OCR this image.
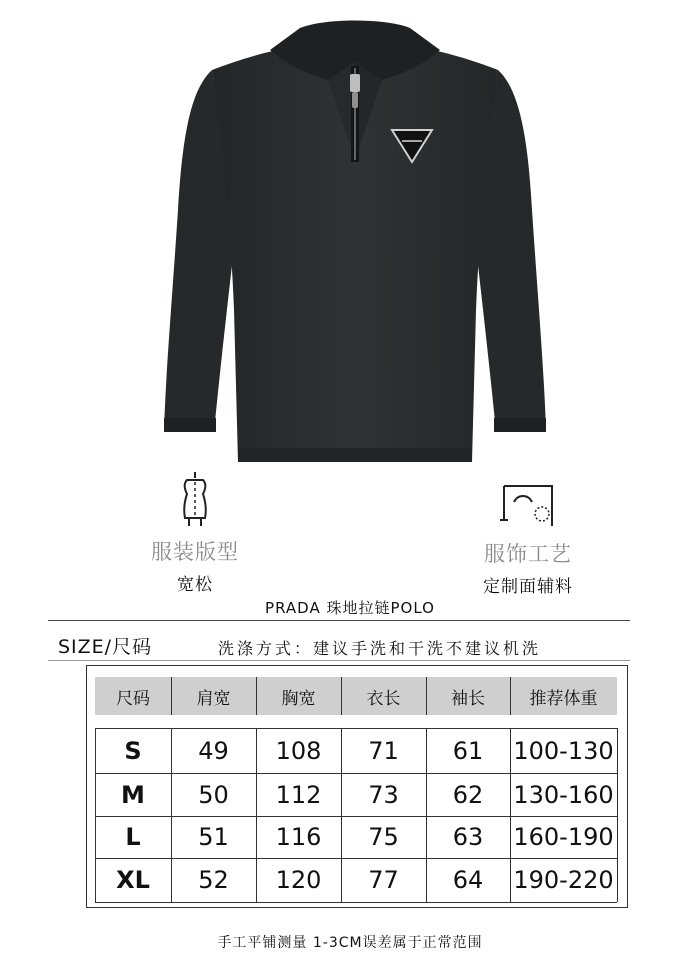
服装版型
宽松
服饰工艺
定制面辅料
PRADA 珠地拉链POLO
SIZE/尺码	洗涤方式：建议手洗和干洗不建议机洗
尺码	肩宽	胸宽	衣长	袖长	推荐体重
S	49	108	71	61	100-130
M	50	112	73	62	130-160
L	51	116	75	63	160-190
XL	52	120	77	64	190-220
手工平铺测量 1-3CM误差属于正常范围
